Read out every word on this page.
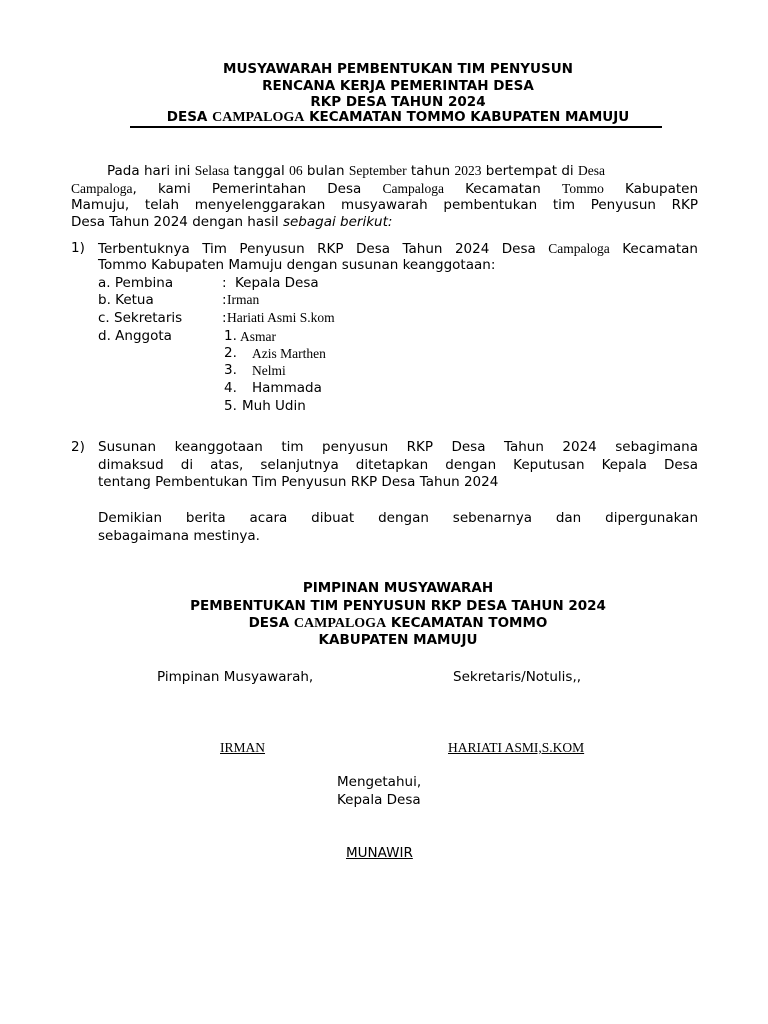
MUSYAWARAH PEMBENTUKAN TIM PENYUSUN
RENCANA KERJA PEMERINTAH DESA
RKP DESA TAHUN 2024
DESA CAMPALOGA KECAMATAN TOMMO KABUPATEN MAMUJU
Pada hari ini Selasa tanggal 06 bulan September tahun 2023 bertempat di Desa
Campaloga, kami Pemerintahan Desa Campaloga Kecamatan Tommo Kabupaten
Mamuju, telah menyelenggarakan musyawarah pembentukan tim Penyusun RKP
Desa Tahun 2024 dengan hasil sebagai berikut:
1) Terbentuknya Tim Penyusun RKP Desa Tahun 2024 Desa Campaloga Kecamatan
Tommo Kabupaten Mamuju dengan susunan keanggotaan:
a. Pembina	: Kepala Desa
b. Ketua	: Irman
c. Sekretaris	: Hariati Asmi S.kom
d. Anggota	1. Asmar
2. Azis Marthen
3. Nelmi
4. Hammada
5. Muh Udin
2) Susunan keanggotaan tim penyusun RKP Desa Tahun 2024 sebagimana
dimaksud di atas, selanjutnya ditetapkan dengan Keputusan Kepala Desa
tentang Pembentukan Tim Penyusun RKP Desa Tahun 2024
Demikian berita acara dibuat dengan sebenarnya dan dipergunakan
sebagaimana mestinya.
PIMPINAN MUSYAWARAH
PEMBENTUKAN TIM PENYUSUN RKP DESA TAHUN 2024
DESA CAMPALOGA KECAMATAN TOMMO
KABUPATEN MAMUJU
Pimpinan Musyawarah,	Sekretaris/Notulis,,
IRMAN	HARIATI ASMI,S.KOM
Mengetahui,
Kepala Desa
MUNAWIR
